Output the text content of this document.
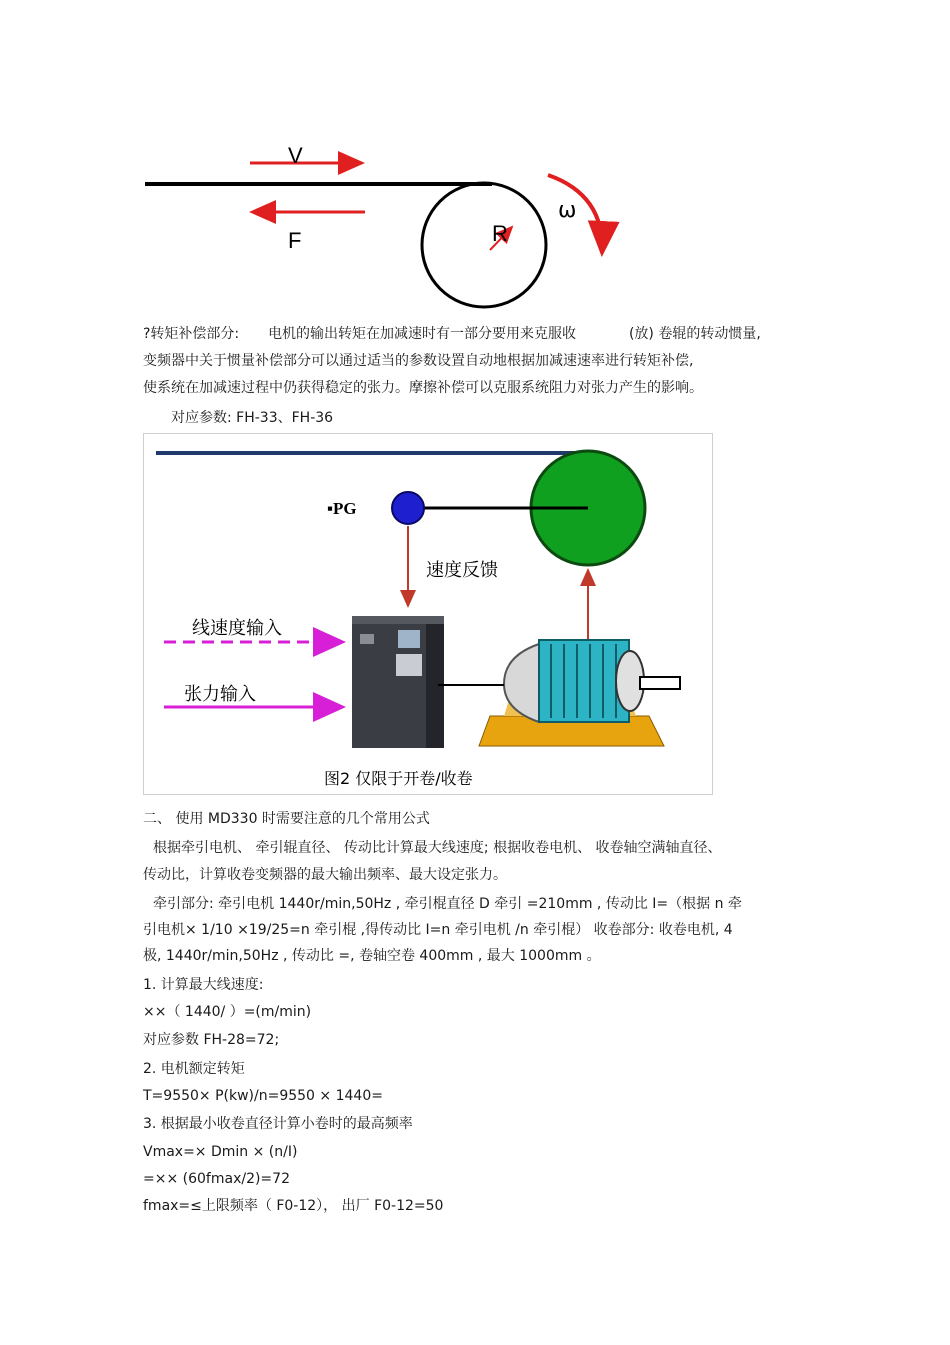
V
F	R
ω
?转矩补偿部分: 电机的输出转矩在加减速时有一部分要用来克服收	(放) 卷辊的转动惯量,
变频器中关于惯量补偿部分可以通过适当的参数设置自动地根据加减速速率进行转矩补偿,
使系统在加减速过程中仍获得稳定的张力。摩擦补偿可以克服系统阻力对张力产生的影响。
对应参数: FH-33、FH-36
▪PG
速度反馈
线速度输入
张力输入
图2 仅限于开卷/收卷
二、 使用 MD330 时需要注意的几个常用公式
根据牵引电机、 牵引辊直径、 传动比计算最大线速度; 根据收卷电机、 收卷轴空满轴直径、
传动比，计算收卷变频器的最大输出频率、最大设定张力。
牵引部分: 牵引电机 1440r/min,50Hz , 牵引棍直径 D 牵引 =210mm , 传动比 I=（根据 n 牵
引电机× 1/10 ×19/25=n 牵引棍 ,得传动比 I=n 牵引电机 /n 牵引棍） 收卷部分: 收卷电机, 4
极, 1440r/min,50Hz , 传动比 =, 卷轴空卷 400mm , 最大 1000mm 。
1. 计算最大线速度:
××（ 1440/ ）=(m/min)
对应参数 FH-28=72;
2. 电机额定转矩
T=9550× P(kw)/n=9550 × 1440=
3. 根据最小收卷直径计算小卷时的最高频率
Vmax=× Dmin × (n/I)
=×× (60fmax/2)=72
fmax=≤上限频率（ F0-12）， 出厂 F0-12=50
